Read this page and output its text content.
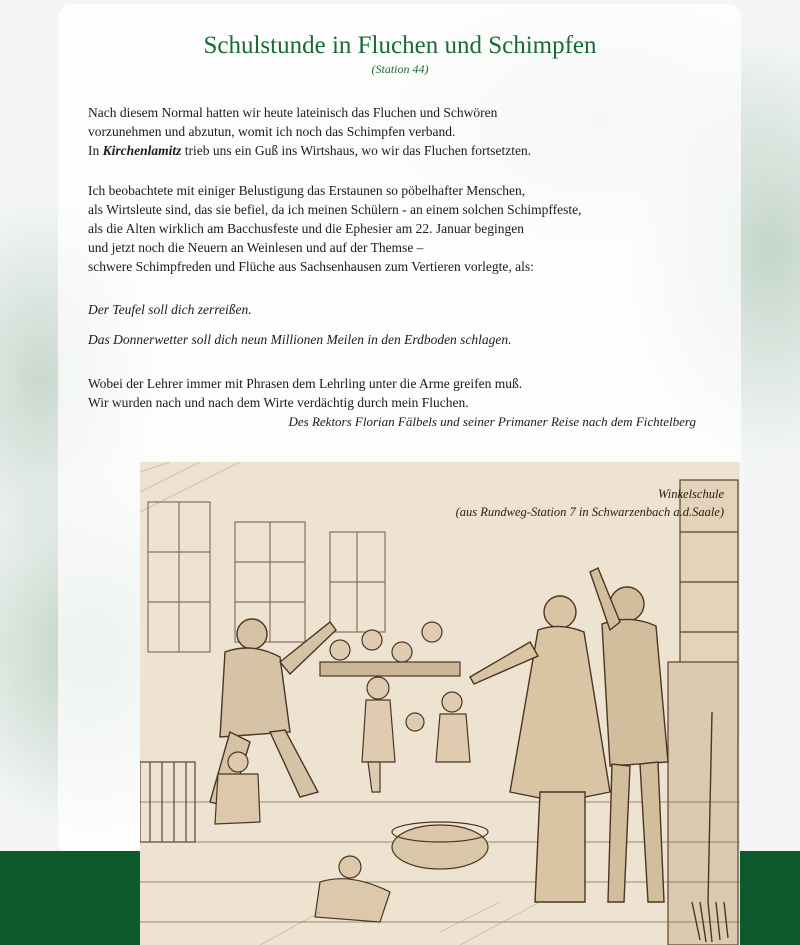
Schulstunde in Fluchen und Schimpfen
(Station 44)
Nach diesem Normal hatten wir heute lateinisch das Fluchen und Schwören
vorzunehmen und abzutun, womit ich noch das Schimpfen verband.
In Kirchenlamitz trieb uns ein Guß ins Wirtshaus, wo wir das Fluchen fortsetzten.
Ich beobachtete mit einiger Belustigung das Erstaunen so pöbelhafter Menschen,
als Wirtsleute sind, das sie befiel, da ich meinen Schülern - an einem solchen Schimpffeste,
als die Alten wirklich am Bacchusfeste und die Ephesier am 22. Januar begingen
und jetzt noch die Neuern an Weinlesen und auf der Themse –
schwere Schimpfreden und Flüche aus Sachsenhausen zum Vertieren vorlegte, als:
Der Teufel soll dich zerreißen.
Das Donnerwetter soll dich neun Millionen Meilen in den Erdboden schlagen.
Wobei der Lehrer immer mit Phrasen dem Lehrling unter die Arme greifen muß.
Wir wurden nach und nach dem Wirte verdächtig durch mein Fluchen.
Des Rektors Florian Fälbels und seiner Primaner Reise nach dem Fichtelberg
Winkelschule
(aus Rundweg-Station 7 in Schwarzenbach a.d.Saale)
